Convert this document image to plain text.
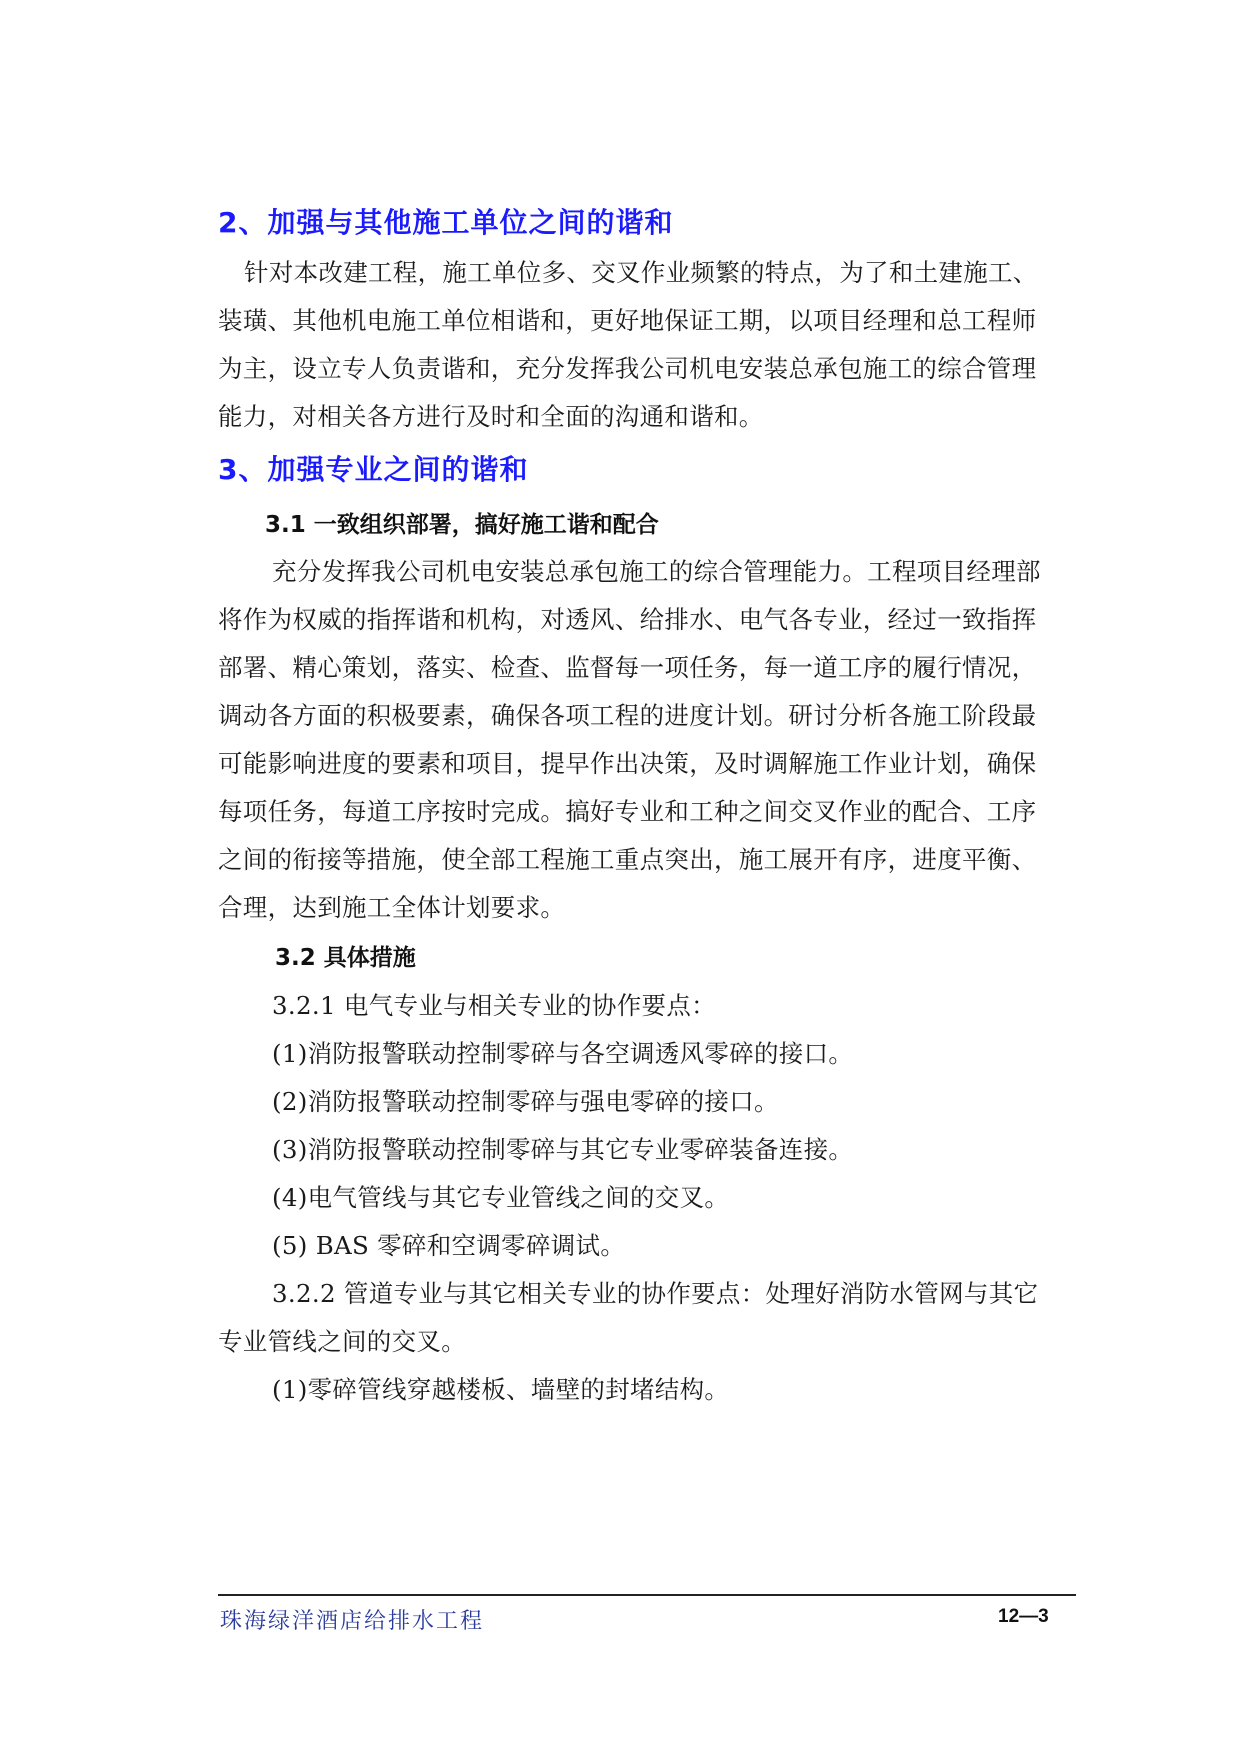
2、加强与其他施工单位之间的谐和
针对本改建工程，施工单位多、交叉作业频繁的特点，为了和土建施工、
装璜、其他机电施工单位相谐和，更好地保证工期，以项目经理和总工程师
为主，设立专人负责谐和，充分发挥我公司机电安装总承包施工的综合管理
能力，对相关各方进行及时和全面的沟通和谐和。
3、加强专业之间的谐和
3.1 一致组织部署，搞好施工谐和配合
充分发挥我公司机电安装总承包施工的综合管理能力。工程项目经理部
将作为权威的指挥谐和机构，对透风、给排水、电气各专业，经过一致指挥
部署、精心策划，落实、检查、监督每一项任务，每一道工序的履行情况，
调动各方面的积极要素，确保各项工程的进度计划。研讨分析各施工阶段最
可能影响进度的要素和项目，提早作出决策，及时调解施工作业计划，确保
每项任务，每道工序按时完成。搞好专业和工种之间交叉作业的配合、工序
之间的衔接等措施，使全部工程施工重点突出，施工展开有序，进度平衡、
合理，达到施工全体计划要求。
3.2 具体措施
3.2.1 电气专业与相关专业的协作要点：
(1)消防报警联动控制零碎与各空调透风零碎的接口。
(2)消防报警联动控制零碎与强电零碎的接口。
(3)消防报警联动控制零碎与其它专业零碎装备连接。
(4)电气管线与其它专业管线之间的交叉。
(5) BAS 零碎和空调零碎调试。
3.2.2 管道专业与其它相关专业的协作要点：处理好消防水管网与其它
专业管线之间的交叉。
(1)零碎管线穿越楼板、墙壁的封堵结构。
珠海绿洋酒店给排水工程	12—3
